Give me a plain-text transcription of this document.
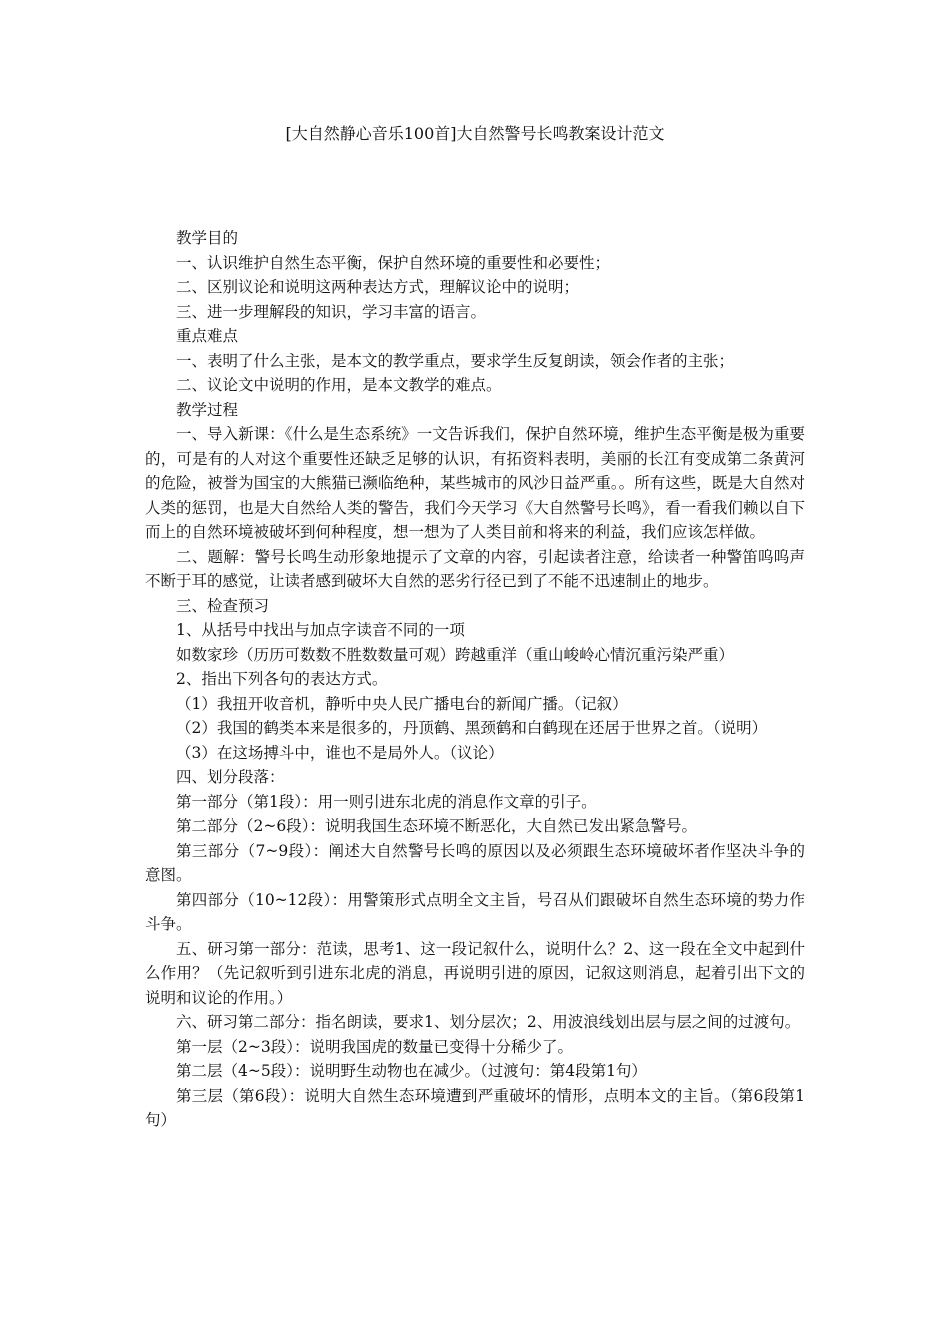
[大自然静心音乐100首]大自然警号长鸣教案设计范文

教学目的

一、认识维护自然生态平衡，保护自然环境的重要性和必要性；

二、区别议论和说明这两种表达方式，理解议论中的说明；

三、进一步理解段的知识，学习丰富的语言。

重点难点

一、表明了什么主张，是本文的教学重点，要求学生反复朗读，领会作者的主张；

二、议论文中说明的作用，是本文教学的难点。

教学过程

一、导入新课：《什么是生态系统》一文告诉我们，保护自然环境，维护生态平衡是极为重要的，可是有的人对这个重要性还缺乏足够的认识，有拓资料表明，美丽的长江有变成第二条黄河的危险，被誉为国宝的大熊猫已濒临绝种，某些城市的风沙日益严重。。所有这些，既是大自然对人类的惩罚，也是大自然给人类的警告，我们今天学习《大自然警号长鸣》，看一看我们赖以自下而上的自然环境被破坏到何种程度，想一想为了人类目前和将来的利益，我们应该怎样做。

二、题解：警号长鸣生动形象地提示了文章的内容，引起读者注意，给读者一种警笛呜呜声不断于耳的感觉，让读者感到破坏大自然的恶劣行径已到了不能不迅速制止的地步。

三、检查预习

1、从括号中找出与加点字读音不同的一项

如数家珍（历历可数数不胜数数量可观）跨越重洋（重山峻岭心情沉重污染严重）

2、指出下列各句的表达方式。

（1）我扭开收音机，静听中央人民广播电台的新闻广播。（记叙）

（2）我国的鹤类本来是很多的，丹顶鹤、黑颈鹤和白鹤现在还居于世界之首。（说明）

（3）在这场搏斗中，谁也不是局外人。（议论）

四、划分段落：

第一部分（第1段）：用一则引进东北虎的消息作文章的引子。

第二部分（2~6段）：说明我国生态环境不断恶化，大自然已发出紧急警号。

第三部分（7~9段）：阐述大自然警号长鸣的原因以及必须跟生态环境破坏者作坚决斗争的意图。

第四部分（10~12段）：用警策形式点明全文主旨，号召从们跟破坏自然生态环境的势力作斗争。

五、研习第一部分：范读，思考1、这一段记叙什么，说明什么？2、这一段在全文中起到什么作用？（先记叙听到引进东北虎的消息，再说明引进的原因，记叙这则消息，起着引出下文的说明和议论的作用。）

六、研习第二部分：指名朗读，要求1、划分层次；2、用波浪线划出层与层之间的过渡句。

第一层（2~3段）：说明我国虎的数量已变得十分稀少了。

第二层（4~5段）：说明野生动物也在减少。（过渡句：第4段第1句）

第三层（第6段）：说明大自然生态环境遭到严重破坏的情形，点明本文的主旨。（第6段第1句）
